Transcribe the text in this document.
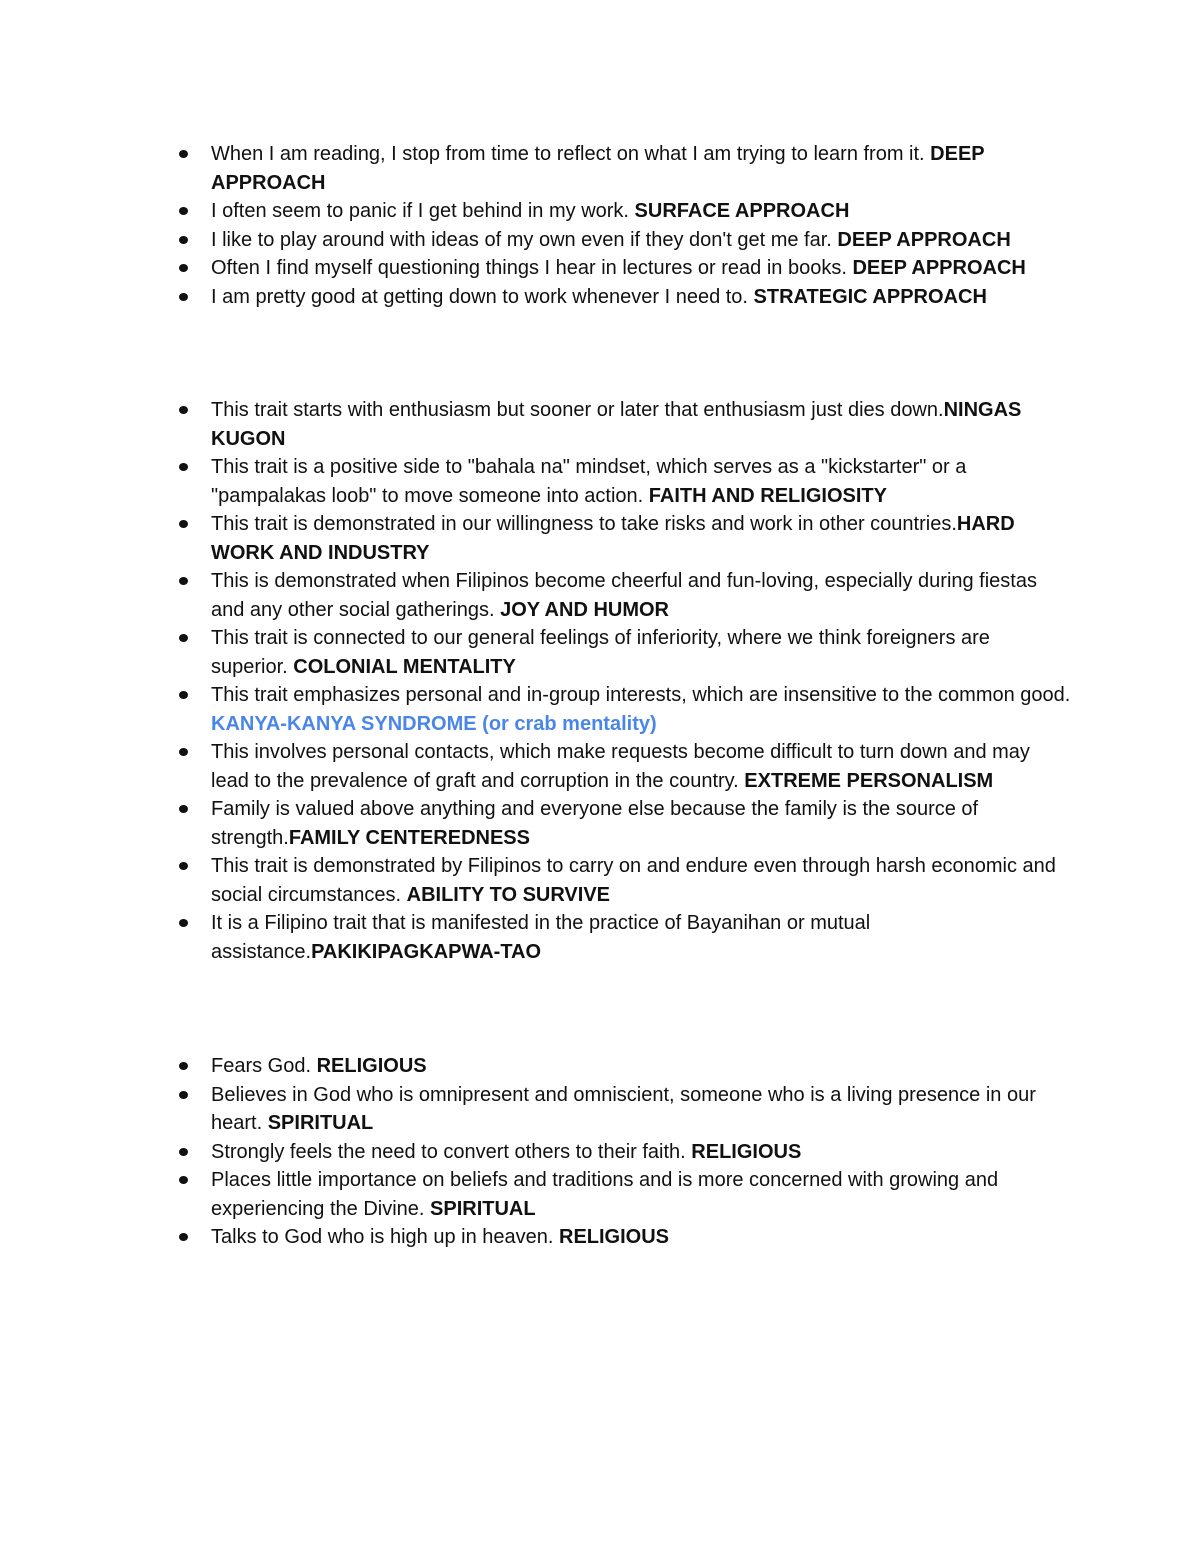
When I am reading, I stop from time to reflect on what I am trying to learn from it. DEEP APPROACH
I often seem to panic if I get behind in my work. SURFACE APPROACH
I like to play around with ideas of my own even if they don't get me far. DEEP APPROACH
Often I find myself questioning things I hear in lectures or read in books. DEEP APPROACH
I am pretty good at getting down to work whenever I need to. STRATEGIC APPROACH
This trait starts with enthusiasm but sooner or later that enthusiasm just dies down.NINGAS KUGON
This trait is a positive side to "bahala na" mindset, which serves as a "kickstarter" or a "pampalakas loob" to move someone into action. FAITH AND RELIGIOSITY
This trait is demonstrated in our willingness to take risks and work in other countries.HARD WORK AND INDUSTRY
This is demonstrated when Filipinos become cheerful and fun-loving, especially during fiestas and any other social gatherings. JOY AND HUMOR
This trait is connected to our general feelings of inferiority, where we think foreigners are superior. COLONIAL MENTALITY
This trait emphasizes personal and in-group interests, which are insensitive to the common good. KANYA-KANYA SYNDROME (or crab mentality)
This involves personal contacts, which make requests become difficult to turn down and may lead to the prevalence of graft and corruption in the country. EXTREME PERSONALISM
Family is valued above anything and everyone else because the family is the source of strength.FAMILY CENTEREDNESS
This trait is demonstrated by Filipinos to carry on and endure even through harsh economic and social circumstances. ABILITY TO SURVIVE
It is a Filipino trait that is manifested in the practice of Bayanihan or mutual assistance.PAKIKIPAGKAPWA-TAO
Fears God. RELIGIOUS
Believes in God who is omnipresent and omniscient, someone who is a living presence in our heart. SPIRITUAL
Strongly feels the need to convert others to their faith. RELIGIOUS
Places little importance on beliefs and traditions and is more concerned with growing and experiencing the Divine. SPIRITUAL
Talks to God who is high up in heaven. RELIGIOUS
